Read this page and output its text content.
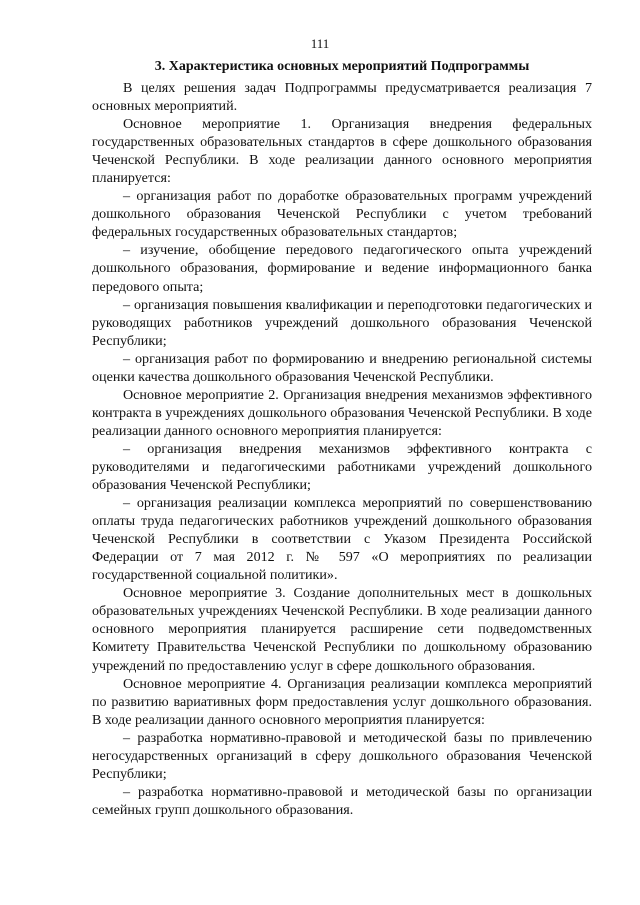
111
3. Характеристика основных мероприятий Подпрограммы

В целях решения задач Подпрограммы предусматривается реализация 7 основных мероприятий.

Основное мероприятие 1. Организация внедрения федеральных государственных образовательных стандартов в сфере дошкольного образования Чеченской Республики. В ходе реализации данного основного мероприятия планируется:

– организация работ по доработке образовательных программ учреждений дошкольного образования Чеченской Республики с учетом требований федеральных государственных образовательных стандартов;

– изучение, обобщение передового педагогического опыта учреждений дошкольного образования, формирование и ведение информационного банка передового опыта;

– организация повышения квалификации и переподготовки педагогических и руководящих работников учреждений дошкольного образования Чеченской Республики;

– организация работ по формированию и внедрению региональной системы оценки качества дошкольного образования Чеченской Республики.

Основное мероприятие 2. Организация внедрения механизмов эффективного контракта в учреждениях дошкольного образования Чеченской Республики. В ходе реализации данного основного мероприятия планируется:

– организация внедрения механизмов эффективного контракта с руководителями и педагогическими работниками учреждений дошкольного образования Чеченской Республики;

– организация реализации комплекса мероприятий по совершенствованию оплаты труда педагогических работников учреждений дошкольного образования Чеченской Республики в соответствии с Указом Президента Российской Федерации от 7 мая 2012 г. № 597 «О мероприятиях по реализации государственной социальной политики».

Основное мероприятие 3. Создание дополнительных мест в дошкольных образовательных учреждениях Чеченской Республики. В ходе реализации данного основного мероприятия планируется расширение сети подведомственных Комитету Правительства Чеченской Республики по дошкольному образованию учреждений по предоставлению услуг в сфере дошкольного образования.

Основное мероприятие 4. Организация реализации комплекса мероприятий по развитию вариативных форм предоставления услуг дошкольного образования. В ходе реализации данного основного мероприятия планируется:

– разработка нормативно-правовой и методической базы по привлечению негосударственных организаций в сферу дошкольного образования Чеченской Республики;

– разработка нормативно-правовой и методической базы по организации семейных групп дошкольного образования.
